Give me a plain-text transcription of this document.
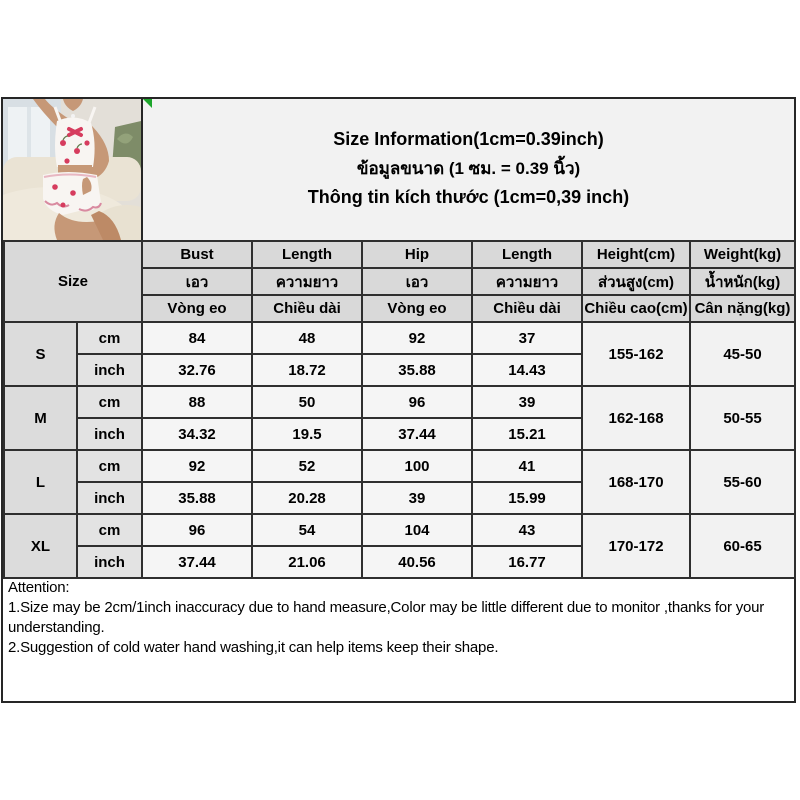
Size Information(1cm=0.39inch)
ข้อมูลขนาด (1 ซม. = 0.39 นิ้ว)
Thông tin kích thước (1cm=0,39 inch)
Size		Bust	Length	Hip	Length	Height(cm)	Weight(kg)
		เอว	ความยาว	เอว	ความยาว	ส่วนสูง(cm)	น้ำหนัก(kg)
		Vòng eo	Chiều dài	Vòng eo	Chiều dài	Chiều cao(cm)	Cân nặng(kg)
S	cm	84	48	92	37	155-162	45-50
	inch	32.76	18.72	35.88	14.43		
M	cm	88	50	96	39	162-168	50-55
	inch	34.32	19.5	37.44	15.21		
L	cm	92	52	100	41	168-170	55-60
	inch	35.88	20.28	39	15.99		
XL	cm	96	54	104	43	170-172	60-65
	inch	37.44	21.06	40.56	16.77		
Attention:
1.Size may be 2cm/1inch inaccuracy due to hand measure,Color may be little different due to monitor ,thanks for your understanding.
2.Suggestion of cold water hand washing,it can help items keep their shape.
